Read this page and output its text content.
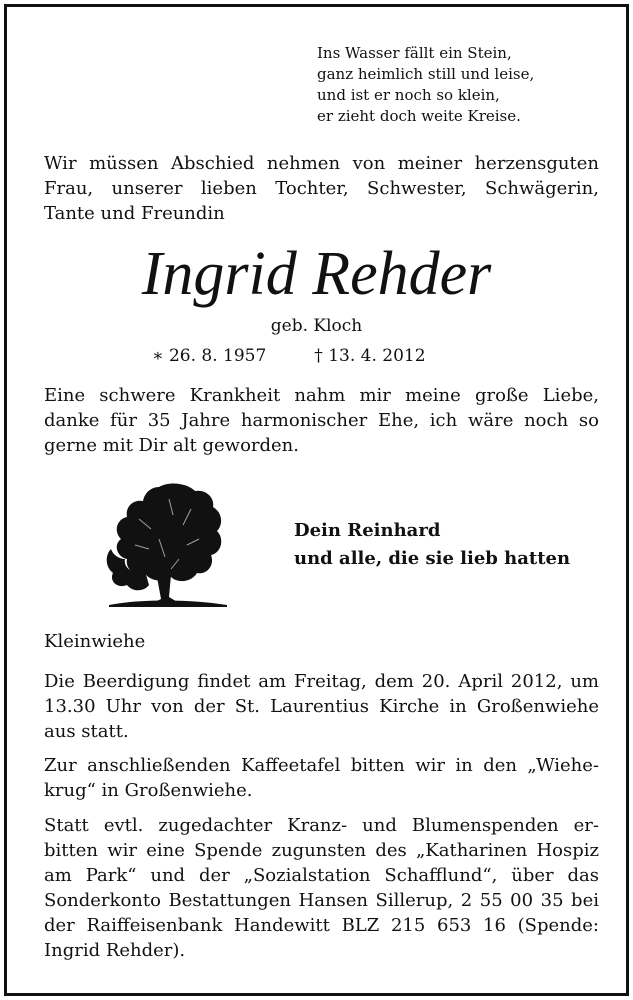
Ins Wasser fällt ein Stein,
ganz heimlich still und leise,
und ist er noch so klein,
er zieht doch weite Kreise.
Wir müssen Abschied nehmen von meiner herzensguten
Frau, unserer lieben Tochter, Schwester, Schwägerin,
Tante und Freundin
Ingrid Rehder
geb. Kloch
∗ 26. 8. 1957	† 13. 4. 2012
Eine schwere Krankheit nahm mir meine große Liebe,
danke für 35 Jahre harmonischer Ehe, ich wäre noch so
gerne mit Dir alt geworden.
Dein Reinhard
und alle, die sie lieb hatten
Kleinwiehe
Die Beerdigung findet am Freitag, dem 20. April 2012, um
13.30 Uhr von der St. Laurentius Kirche in Großenwiehe
aus statt.
Zur anschließenden Kaffeetafel bitten wir in den „Wiehe-
krug“ in Großenwiehe.
Statt evtl. zugedachter Kranz- und Blumenspenden er-
bitten wir eine Spende zugunsten des „Katharinen Hospiz
am Park“ und der „Sozialstation Schafflund“, über das
Sonderkonto Bestattungen Hansen Sillerup, 2 55 00 35 bei
der Raiffeisenbank Handewitt BLZ 215 653 16 (Spende:
Ingrid Rehder).
